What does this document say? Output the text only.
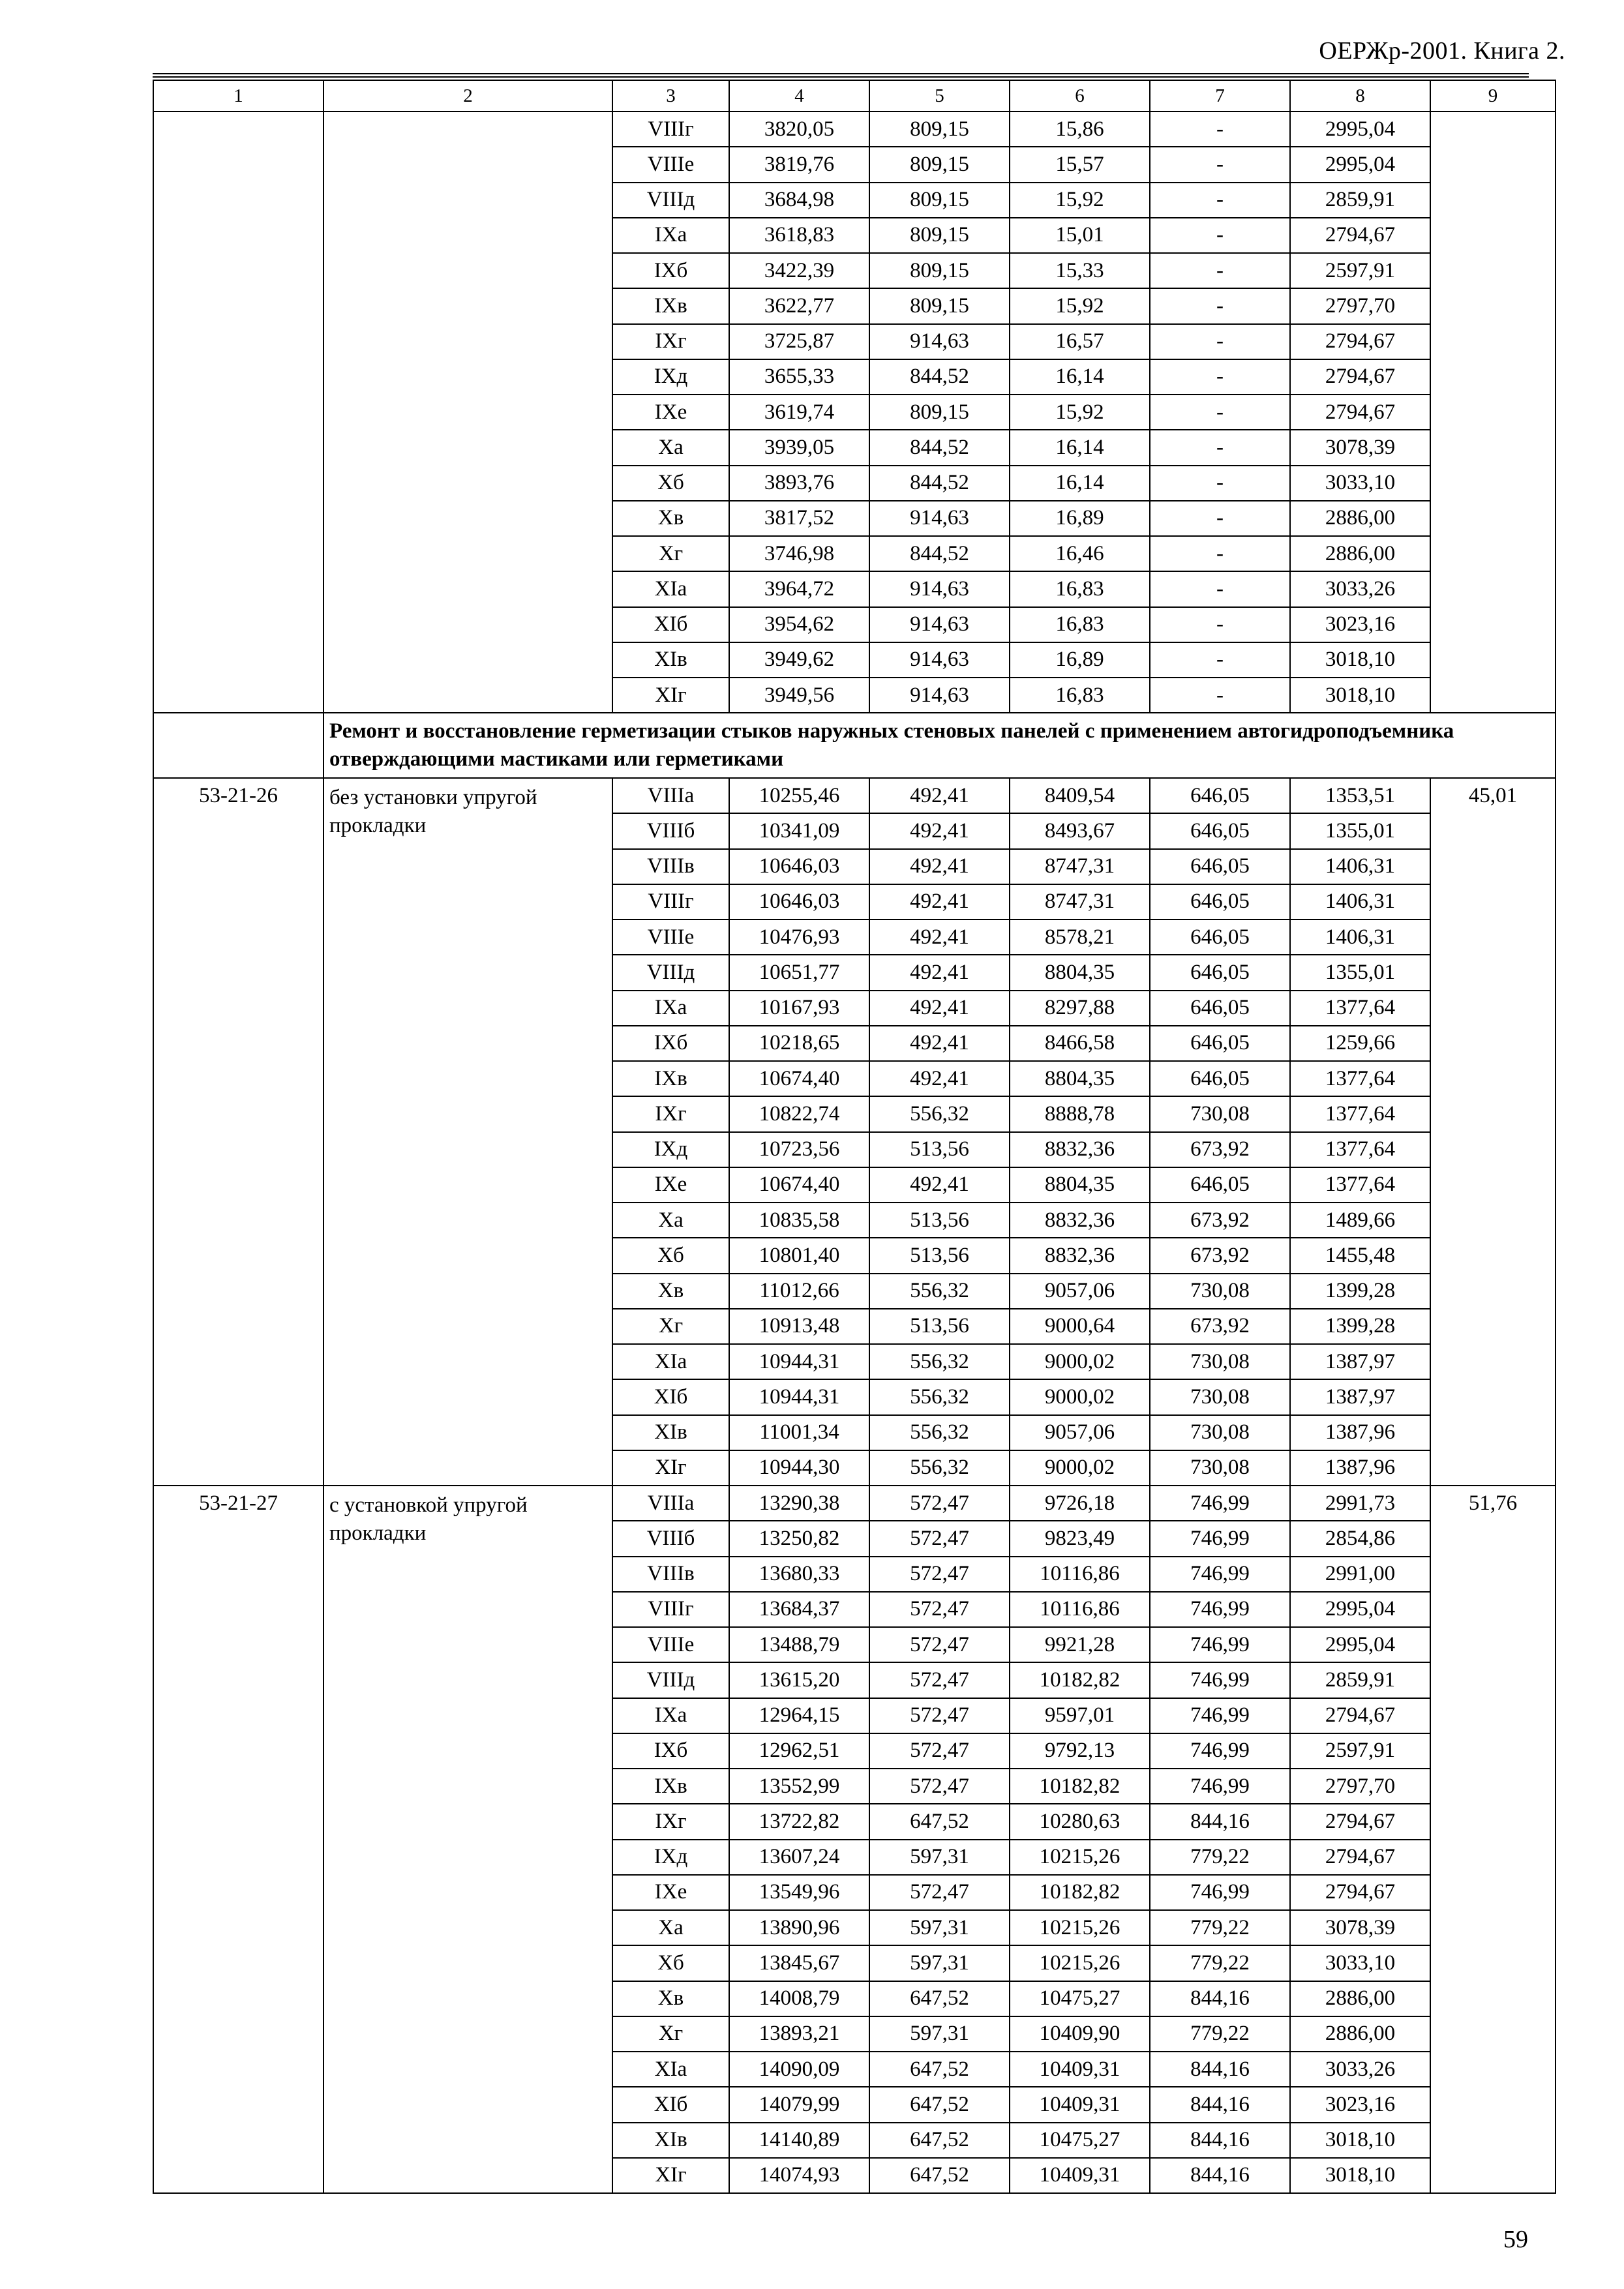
ОЕРЖр-2001. Книга 2.
1	2	3	4	5	6	7	8	9
		VIIIг	3820,05	809,15	15,86	-	2995,04	
		VIIIе	3819,76	809,15	15,57	-	2995,04	
		VIIIд	3684,98	809,15	15,92	-	2859,91	
		IXa	3618,83	809,15	15,01	-	2794,67	
		IXб	3422,39	809,15	15,33	-	2597,91	
		IXв	3622,77	809,15	15,92	-	2797,70	
		IXг	3725,87	914,63	16,57	-	2794,67	
		IXд	3655,33	844,52	16,14	-	2794,67	
		IXе	3619,74	809,15	15,92	-	2794,67	
		Xa	3939,05	844,52	16,14	-	3078,39	
		Xб	3893,76	844,52	16,14	-	3033,10	
		Xв	3817,52	914,63	16,89	-	2886,00	
		Xг	3746,98	844,52	16,46	-	2886,00	
		XIa	3964,72	914,63	16,83	-	3033,26	
		XIб	3954,62	914,63	16,83	-	3023,16	
		XIв	3949,62	914,63	16,89	-	3018,10	
		XIг	3949,56	914,63	16,83	-	3018,10	
	Ремонт и восстановление герметизации стыков наружных стеновых панелей с применением автогидроподъемника отверждающими мастиками или герметиками							
53-21-26	без установки упругой прокладки	VIIIa	10255,46	492,41	8409,54	646,05	1353,51	45,01
		VIIIб	10341,09	492,41	8493,67	646,05	1355,01	
		VIIIв	10646,03	492,41	8747,31	646,05	1406,31	
		VIIIг	10646,03	492,41	8747,31	646,05	1406,31	
		VIIIе	10476,93	492,41	8578,21	646,05	1406,31	
		VIIIд	10651,77	492,41	8804,35	646,05	1355,01	
		IXa	10167,93	492,41	8297,88	646,05	1377,64	
		IXб	10218,65	492,41	8466,58	646,05	1259,66	
		IXв	10674,40	492,41	8804,35	646,05	1377,64	
		IXг	10822,74	556,32	8888,78	730,08	1377,64	
		IXд	10723,56	513,56	8832,36	673,92	1377,64	
		IXе	10674,40	492,41	8804,35	646,05	1377,64	
		Xa	10835,58	513,56	8832,36	673,92	1489,66	
		Xб	10801,40	513,56	8832,36	673,92	1455,48	
		Xв	11012,66	556,32	9057,06	730,08	1399,28	
		Xг	10913,48	513,56	9000,64	673,92	1399,28	
		XIa	10944,31	556,32	9000,02	730,08	1387,97	
		XIб	10944,31	556,32	9000,02	730,08	1387,97	
		XIв	11001,34	556,32	9057,06	730,08	1387,96	
		XIг	10944,30	556,32	9000,02	730,08	1387,96	
53-21-27	с установкой упругой прокладки	VIIIa	13290,38	572,47	9726,18	746,99	2991,73	51,76
		VIIIб	13250,82	572,47	9823,49	746,99	2854,86	
		VIIIв	13680,33	572,47	10116,86	746,99	2991,00	
		VIIIг	13684,37	572,47	10116,86	746,99	2995,04	
		VIIIе	13488,79	572,47	9921,28	746,99	2995,04	
		VIIIд	13615,20	572,47	10182,82	746,99	2859,91	
		IXa	12964,15	572,47	9597,01	746,99	2794,67	
		IXб	12962,51	572,47	9792,13	746,99	2597,91	
		IXв	13552,99	572,47	10182,82	746,99	2797,70	
		IXг	13722,82	647,52	10280,63	844,16	2794,67	
		IXд	13607,24	597,31	10215,26	779,22	2794,67	
		IXе	13549,96	572,47	10182,82	746,99	2794,67	
		Xa	13890,96	597,31	10215,26	779,22	3078,39	
		Xб	13845,67	597,31	10215,26	779,22	3033,10	
		Xв	14008,79	647,52	10475,27	844,16	2886,00	
		Xг	13893,21	597,31	10409,90	779,22	2886,00	
		XIa	14090,09	647,52	10409,31	844,16	3033,26	
		XIб	14079,99	647,52	10409,31	844,16	3023,16	
		XIв	14140,89	647,52	10475,27	844,16	3018,10	
		XIг	14074,93	647,52	10409,31	844,16	3018,10	
59
